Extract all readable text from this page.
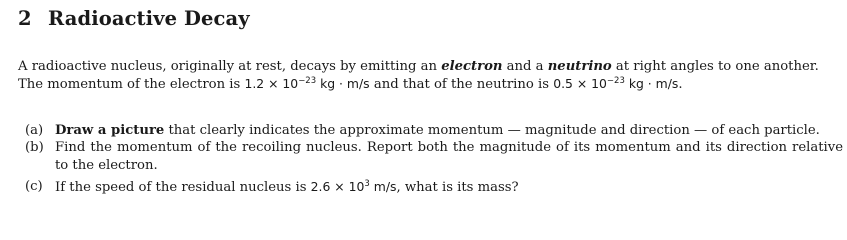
2 Radioactive Decay
A radioactive nucleus, originally at rest, decays by emitting an electron and a neutrino at right angles to one another.
The momentum of the electron is $1.2 \times 10^{-23}$ kg · m/s and that of the neutrino is $0.5 \times 10^{-23}$ kg · m/s.
(a) Draw a picture that clearly indicates the approximate momentum — magnitude and direction — of each particle.
(b) Find the momentum of the recoiling nucleus. Report both the magnitude of its momentum and its direction relative to the electron.
(c) If the speed of the residual nucleus is $2.6 \times 10^3$ m/s, what is its mass?
